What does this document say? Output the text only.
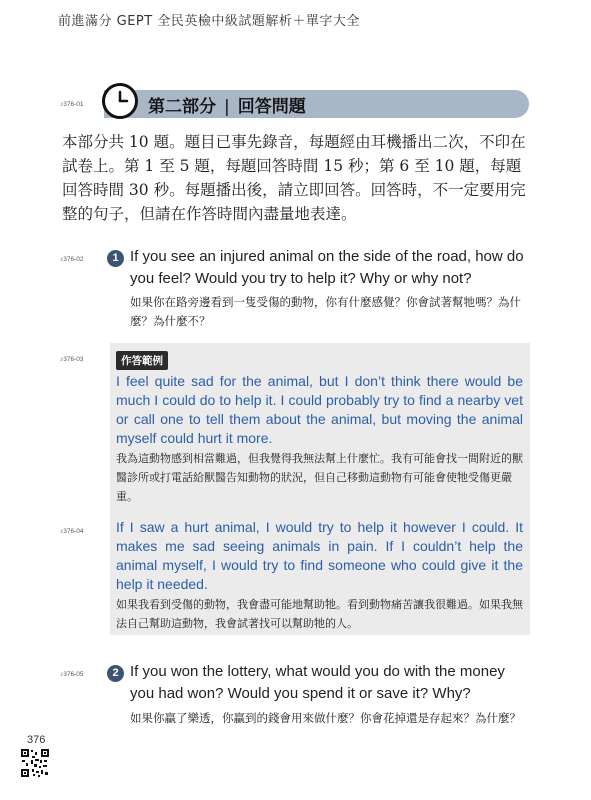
前進滿分 GEPT 全民英檢中級試題解析＋單字大全
♪376-01	第二部分 | 回答問題
本部分共 10 題。題目已事先錄音，每題經由耳機播出二次，不印在試卷上。第 1 至 5 題，每題回答時間 15 秒；第 6 至 10 題，每題回答時間 30 秒。每題播出後，請立即回答。回答時，不一定要用完整的句子，但請在作答時間內盡量地表達。
♪376-02	1 If you see an injured animal on the side of the road, how do you feel? Would you try to help it? Why or why not?
如果你在路旁邊看到一隻受傷的動物，你有什麼感覺？你會試著幫牠嗎？為什麼？為什麼不？
♪376-03	作答範例
I feel quite sad for the animal, but I don’t think there would be much I could do to help it. I could probably try to find a nearby vet or call one to tell them about the animal, but moving the animal myself could hurt it more.
我為這動物感到相當難過，但我覺得我無法幫上什麼忙。我有可能會找一間附近的獸醫診所或打電話給獸醫告知動物的狀況，但自己移動這動物有可能會使牠受傷更嚴重。
♪376-04 If I saw a hurt animal, I would try to help it however I could. It makes me sad seeing animals in pain. If I couldn’t help the animal myself, I would try to find someone who could give it the help it needed.
如果我看到受傷的動物，我會盡可能地幫助牠。看到動物痛苦讓我很難過。如果我無法自己幫助這動物，我會試著找可以幫助牠的人。
♪376-05	2 If you won the lottery, what would you do with the money you had won? Would you spend it or save it? Why?
如果你贏了樂透，你贏到的錢會用來做什麼？你會花掉還是存起來？為什麼？
376
